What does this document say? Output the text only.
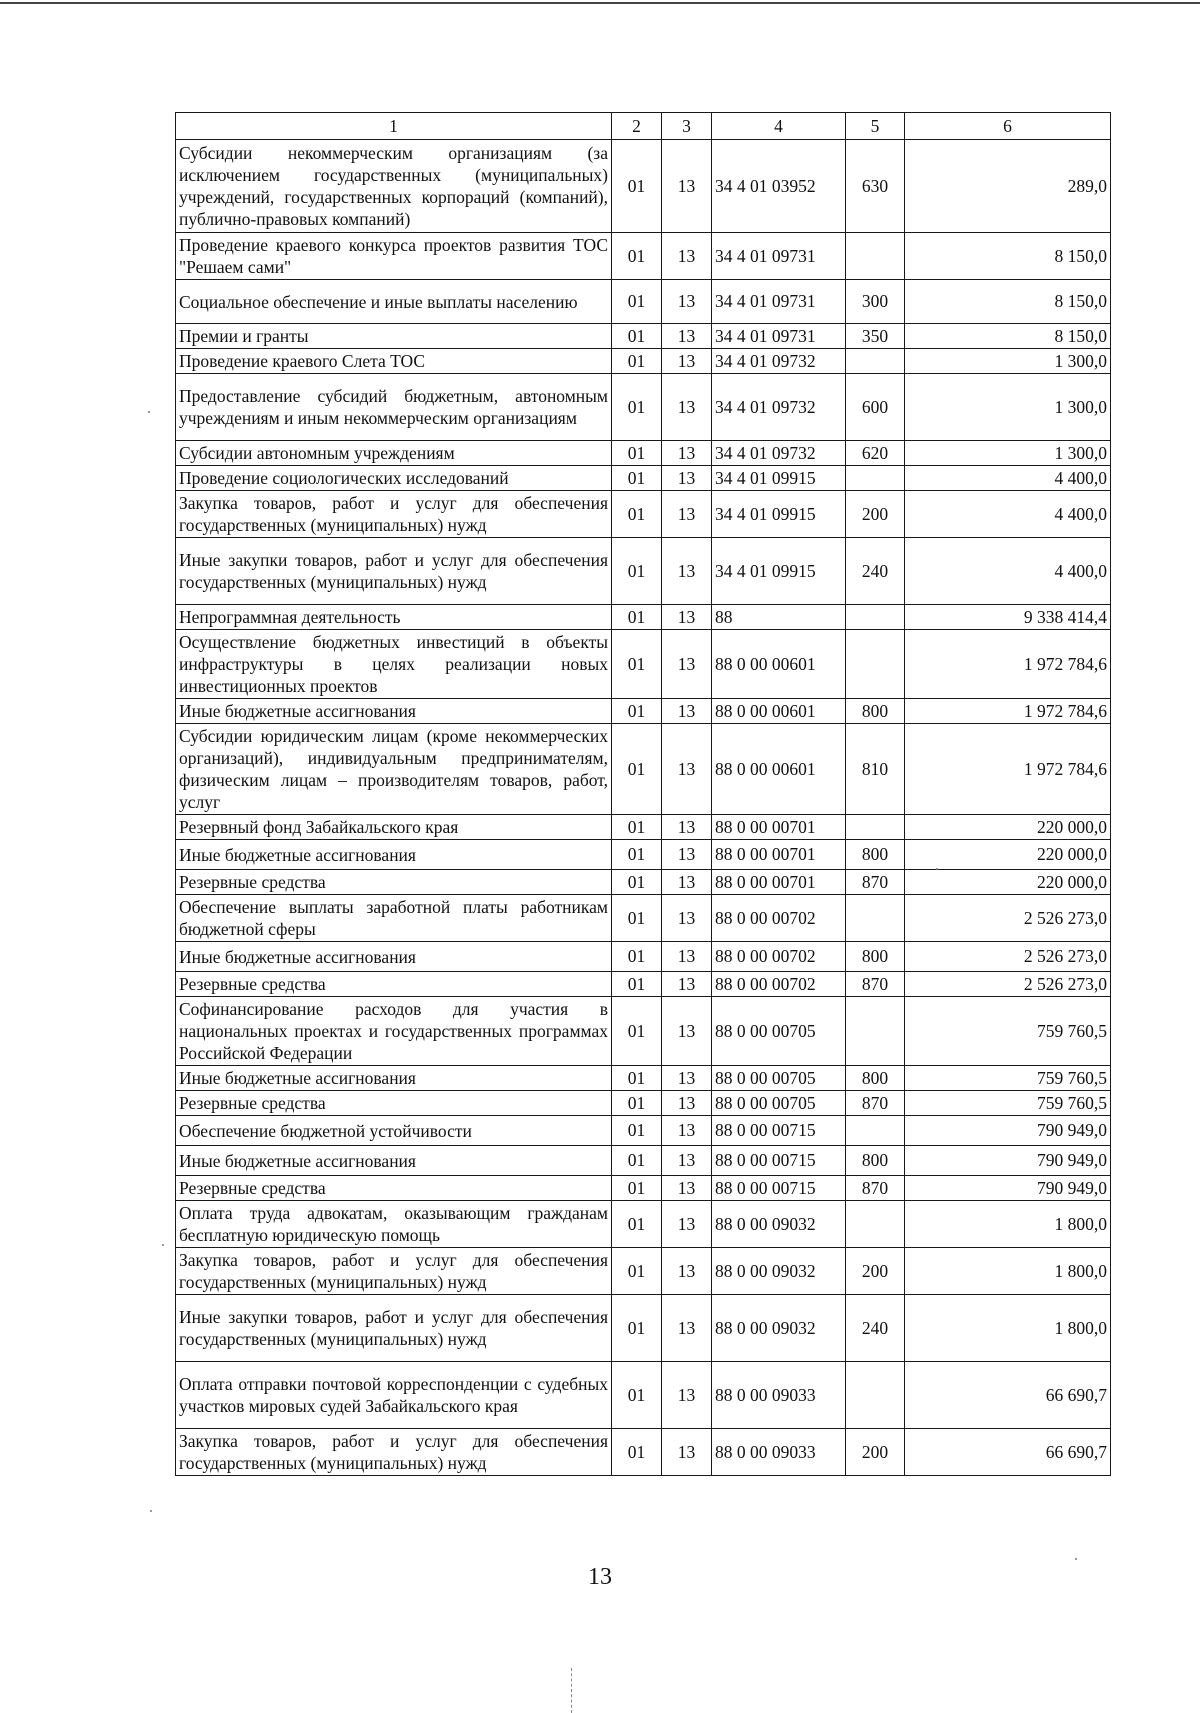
1	2	3	4	5	6
Субсидии некоммерческим организациям (за исключением государственных (муниципальных) учреждений, государственных корпораций (компаний), публично-правовых компаний)	01	13	34 4 01 03952	630	289,0
Проведение краевого конкурса проектов развития ТОС "Решаем сами"	01	13	34 4 01 09731		8 150,0
Социальное обеспечение и иные выплаты населению	01	13	34 4 01 09731	300	8 150,0
Премии и гранты	01	13	34 4 01 09731	350	8 150,0
Проведение краевого Слета ТОС	01	13	34 4 01 09732		1 300,0
Предоставление субсидий бюджетным, автономным учреждениям и иным некоммерческим организациям	01	13	34 4 01 09732	600	1 300,0
Субсидии автономным учреждениям	01	13	34 4 01 09732	620	1 300,0
Проведение социологических исследований	01	13	34 4 01 09915		4 400,0
Закупка товаров, работ и услуг для обеспечения государственных (муниципальных) нужд	01	13	34 4 01 09915	200	4 400,0
Иные закупки товаров, работ и услуг для обеспечения государственных (муниципальных) нужд	01	13	34 4 01 09915	240	4 400,0
Непрограммная деятельность	01	13	88		9 338 414,4
Осуществление бюджетных инвестиций в объекты инфраструктуры в целях реализации новых инвестиционных проектов	01	13	88 0 00 00601		1 972 784,6
Иные бюджетные ассигнования	01	13	88 0 00 00601	800	1 972 784,6
Субсидии юридическим лицам (кроме некоммерческих организаций), индивидуальным предпринимателям, физическим лицам – производителям товаров, работ, услуг	01	13	88 0 00 00601	810	1 972 784,6
Резервный фонд Забайкальского края	01	13	88 0 00 00701		220 000,0
Иные бюджетные ассигнования	01	13	88 0 00 00701	800	220 000,0
Резервные средства	01	13	88 0 00 00701	870	220 000,0
Обеспечение выплаты заработной платы работникам бюджетной сферы	01	13	88 0 00 00702		2 526 273,0
Иные бюджетные ассигнования	01	13	88 0 00 00702	800	2 526 273,0
Резервные средства	01	13	88 0 00 00702	870	2 526 273,0
Софинансирование расходов для участия в национальных проектах и государственных программах Российской Федерации	01	13	88 0 00 00705		759 760,5
Иные бюджетные ассигнования	01	13	88 0 00 00705	800	759 760,5
Резервные средства	01	13	88 0 00 00705	870	759 760,5
Обеспечение бюджетной устойчивости	01	13	88 0 00 00715		790 949,0
Иные бюджетные ассигнования	01	13	88 0 00 00715	800	790 949,0
Резервные средства	01	13	88 0 00 00715	870	790 949,0
Оплата труда адвокатам, оказывающим гражданам бесплатную юридическую помощь	01	13	88 0 00 09032		1 800,0
Закупка товаров, работ и услуг для обеспечения государственных (муниципальных) нужд	01	13	88 0 00 09032	200	1 800,0
Иные закупки товаров, работ и услуг для обеспечения государственных (муниципальных) нужд	01	13	88 0 00 09032	240	1 800,0
Оплата отправки почтовой корреспонденции с судебных участков мировых судей Забайкальского края	01	13	88 0 00 09033		66 690,7
Закупка товаров, работ и услуг для обеспечения государственных (муниципальных) нужд	01	13	88 0 00 09033	200	66 690,7
13
